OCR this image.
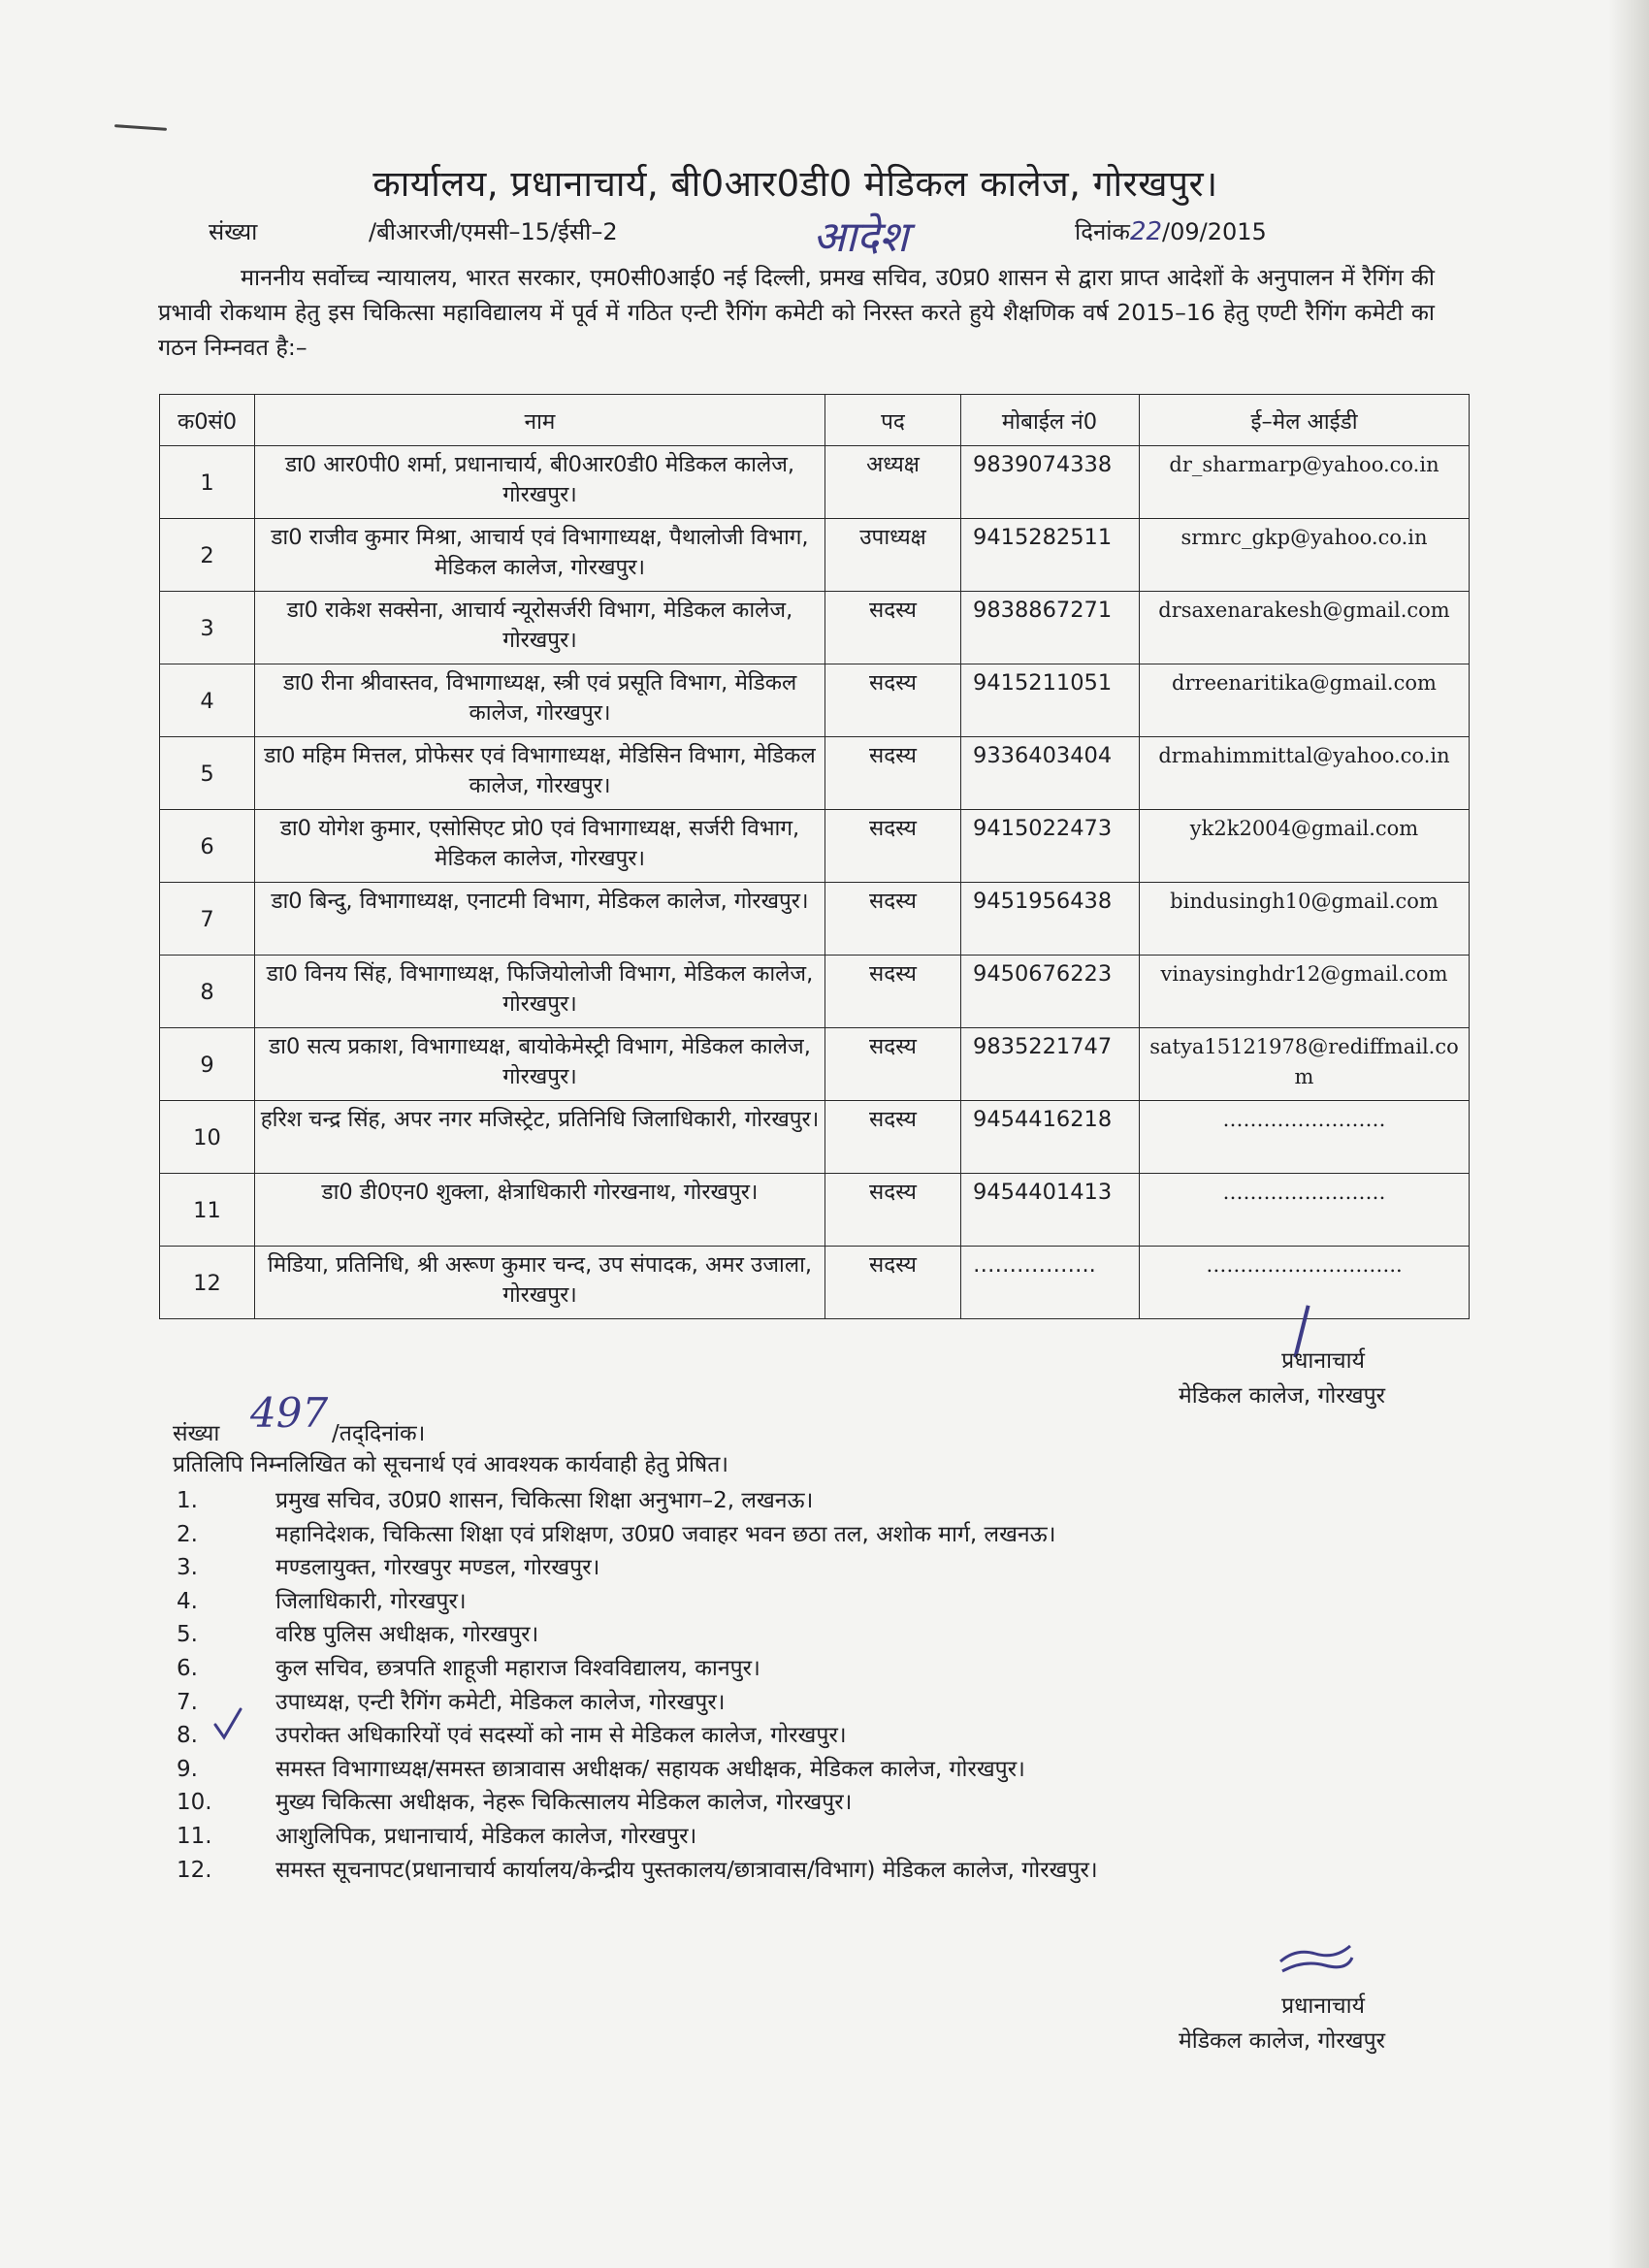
कार्यालय, प्रधानाचार्य, बी0आर0डी0 मेडिकल कालेज, गोरखपुर।
संख्या	/बीआरजी/एमसी–15/ईसी–2	आदेश	दिनांक22/09/2015
माननीय सर्वोच्च न्यायालय, भारत सरकार, एम0सी0आई0 नई दिल्ली, प्रमख सचिव, उ0प्र0 शासन से द्वारा प्राप्त आदेशों के अनुपालन में रैगिंग की प्रभावी रोकथाम हेतु इस चिकित्सा महाविद्यालय में पूर्व में गठित एन्टी रैगिंग कमेटी को निरस्त करते हुये शैक्षणिक वर्ष 2015–16 हेतु एण्टी रैगिंग कमेटी का गठन निम्नवत है:–
क0सं0	नाम	पद	मोबाईल नं0	ई–मेल आईडी
1	डा0 आर0पी0 शर्मा, प्रधानाचार्य, बी0आर0डी0 मेडिकल कालेज, गोरखपुर।	अध्यक्ष	9839074338	dr_sharmarp@yahoo.co.in
2	डा0 राजीव कुमार मिश्रा, आचार्य एवं विभागाध्यक्ष, पैथालोजी विभाग, मेडिकल कालेज, गोरखपुर।	उपाध्यक्ष	9415282511	srmrc_gkp@yahoo.co.in
3	डा0 राकेश सक्सेना, आचार्य न्यूरोसर्जरी विभाग, मेडिकल कालेज, गोरखपुर।	सदस्य	9838867271	drsaxenarakesh@gmail.com
4	डा0 रीना श्रीवास्तव, विभागाध्यक्ष, स्त्री एवं प्रसूति विभाग, मेडिकल कालेज, गोरखपुर।	सदस्य	9415211051	drreenaritika@gmail.com
5	डा0 महिम मित्तल, प्रोफेसर एवं विभागाध्यक्ष, मेडिसिन विभाग, मेडिकल कालेज, गोरखपुर।	सदस्य	9336403404	drmahimmittal@yahoo.co.in
6	डा0 योगेश कुमार, एसोसिएट प्रो0 एवं विभागाध्यक्ष, सर्जरी विभाग, मेडिकल कालेज, गोरखपुर।	सदस्य	9415022473	yk2k2004@gmail.com
7	डा0 बिन्दु, विभागाध्यक्ष, एनाटमी विभाग, मेडिकल कालेज, गोरखपुर।	सदस्य	9451956438	bindusingh10@gmail.com
8	डा0 विनय सिंह, विभागाध्यक्ष, फिजियोलोजी विभाग, मेडिकल कालेज, गोरखपुर।	सदस्य	9450676223	vinaysinghdr12@gmail.com
9	डा0 सत्य प्रकाश, विभागाध्यक्ष, बायोकेमेस्ट्री विभाग, मेडिकल कालेज, गोरखपुर।	सदस्य	9835221747	satya15121978@rediffmail.com
10	हरिश चन्द्र सिंह, अपर नगर मजिस्ट्रेट, प्रतिनिधि जिलाधिकारी, गोरखपुर।	सदस्य	9454416218	……………………
11	डा0 डी0एन0 शुक्ला, क्षेत्राधिकारी गोरखनाथ, गोरखपुर।	सदस्य	9454401413	……………………
12	मिडिया, प्रतिनिधि, श्री अरूण कुमार चन्द, उप संपादक, अमर उजाला, गोरखपुर।	सदस्य	……………..	………………………..
प्रधानाचार्य
मेडिकल कालेज, गोरखपुर
संख्या 497 /तद्‌दिनांक।
प्रतिलिपि निम्नलिखित को सूचनार्थ एवं आवश्यक कार्यवाही हेतु प्रेषित।
1.	प्रमुख सचिव, उ0प्र0 शासन, चिकित्सा शिक्षा अनुभाग–2, लखनऊ।
2.	महानिदेशक, चिकित्सा शिक्षा एवं प्रशिक्षण, उ0प्र0 जवाहर भवन छठा तल, अशोक मार्ग, लखनऊ।
3.	मण्डलायुक्त, गोरखपुर मण्डल, गोरखपुर।
4.	जिलाधिकारी, गोरखपुर।
5.	वरिष्ठ पुलिस अधीक्षक, गोरखपुर।
6.	कुल सचिव, छत्रपति शाहूजी महाराज विश्वविद्यालय, कानपुर।
7.	उपाध्यक्ष, एन्टी रैगिंग कमेटी, मेडिकल कालेज, गोरखपुर।
8.	उपरोक्त अधिकारियों एवं सदस्यों को नाम से मेडिकल कालेज, गोरखपुर।
9.	समस्त विभागाध्यक्ष/समस्त छात्रावास अधीक्षक/ सहायक अधीक्षक, मेडिकल कालेज, गोरखपुर।
10.	मुख्य चिकित्सा अधीक्षक, नेहरू चिकित्सालय मेडिकल कालेज, गोरखपुर।
11.	आशुलिपिक, प्रधानाचार्य, मेडिकल कालेज, गोरखपुर।
12.	समस्त सूचनापट(प्रधानाचार्य कार्यालय/केन्द्रीय पुस्तकालय/छात्रावास/विभाग) मेडिकल कालेज, गोरखपुर।
प्रधानाचार्य
मेडिकल कालेज, गोरखपुर
